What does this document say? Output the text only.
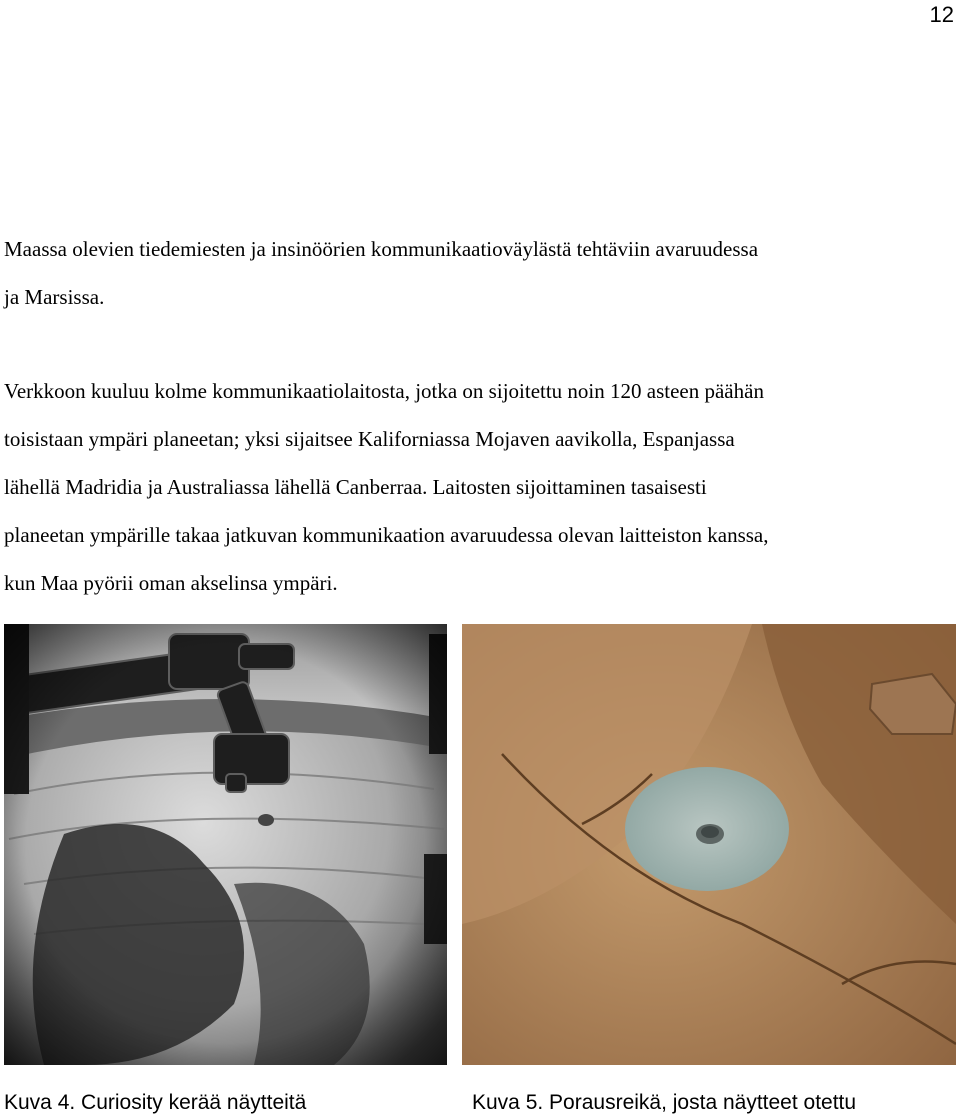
12

Maassa olevien tiedemiesten ja insinöörien kommunikaatioväylästä tehtäviin avaruudessa
ja Marsissa.

Verkkoon kuuluu kolme kommunikaatiolaitosta, jotka on sijoitettu noin 120 asteen päähän
toisistaan ympäri planeetan; yksi sijaitsee Kaliforniassa Mojaven aavikolla, Espanjassa
lähellä Madridia ja Australiassa lähellä Canberraa. Laitosten sijoittaminen tasaisesti
planeetan ympärille takaa jatkuvan kommunikaation avaruudessa olevan laitteiston kanssa,
kun Maa pyörii oman akselinsa ympäri.

Kuva 4. Curiosity kerää näytteitä	Kuva 5. Porausreikä, josta näytteet otettu
